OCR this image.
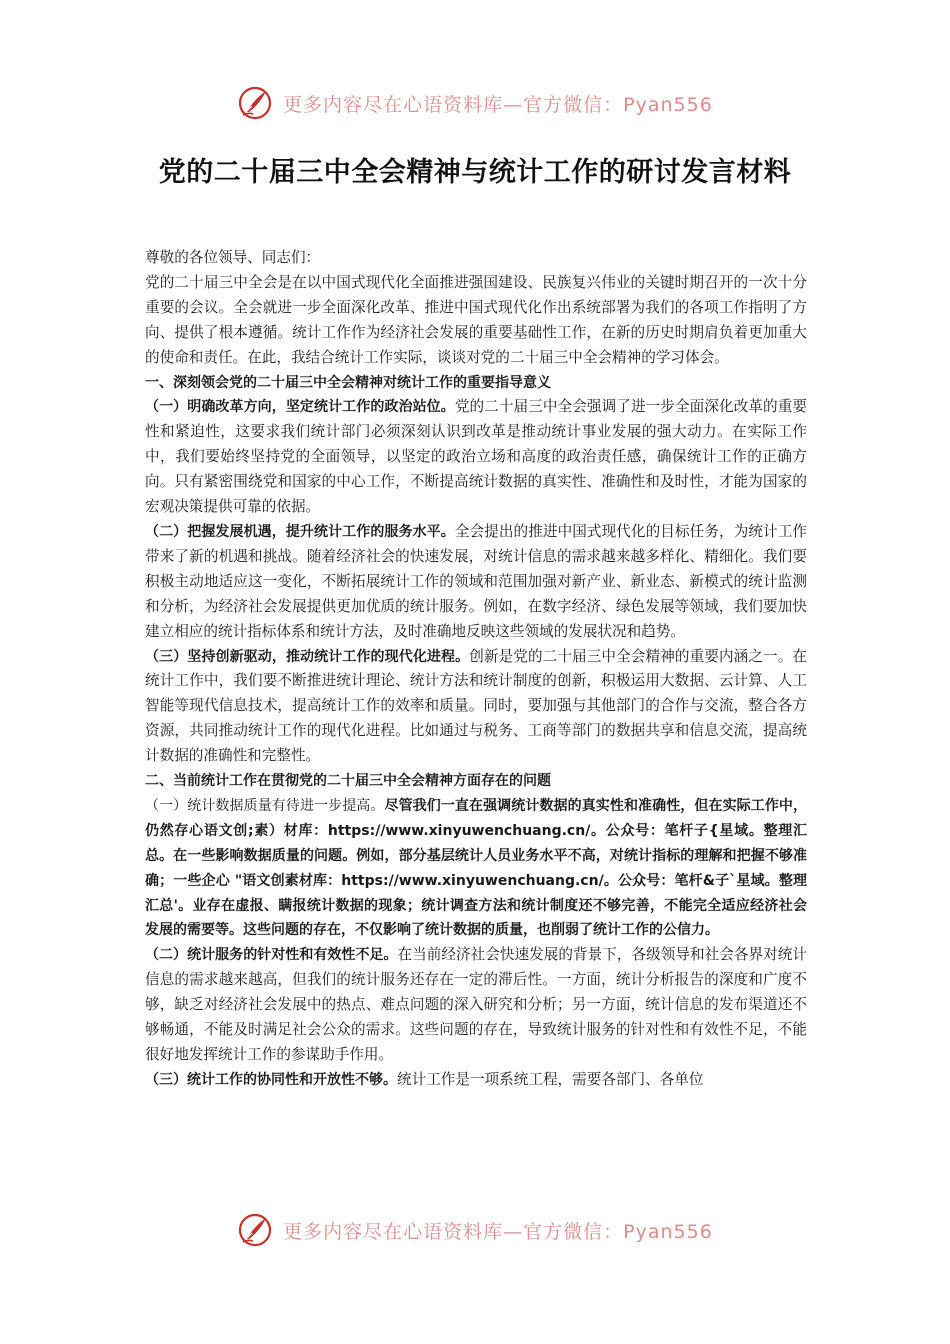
更多内容尽在心语资料库—官方微信：Pyan556
党的二十届三中全会精神与统计工作的研讨发言材料

尊敬的各位领导、同志们：

党的二十届三中全会是在以中国式现代化全面推进强国建设、民族复兴伟业的关键时期召开的一次十分重要的会议。全会就进一步全面深化改革、推进中国式现代化作出系统部署为我们的各项工作指明了方向、提供了根本遵循。统计工作作为经济社会发展的重要基础性工作，在新的历史时期肩负着更加重大的使命和责任。在此，我结合统计工作实际，谈谈对党的二十届三中全会精神的学习体会。

一、深刻领会党的二十届三中全会精神对统计工作的重要指导意义

（一）明确改革方向，坚定统计工作的政治站位。党的二十届三中全会强调了进一步全面深化改革的重要性和紧迫性，这要求我们统计部门必须深刻认识到改革是推动统计事业发展的强大动力。在实际工作中，我们要始终坚持党的全面领导，以坚定的政治立场和高度的政治责任感，确保统计工作的正确方向。只有紧密围绕党和国家的中心工作，不断提高统计数据的真实性、准确性和及时性，才能为国家的宏观决策提供可靠的依据。

（二）把握发展机遇，提升统计工作的服务水平。全会提出的推进中国式现代化的目标任务，为统计工作带来了新的机遇和挑战。随着经济社会的快速发展，对统计信息的需求越来越多样化、精细化。我们要积极主动地适应这一变化，不断拓展统计工作的领域和范围加强对新产业、新业态、新模式的统计监测和分析，为经济社会发展提供更加优质的统计服务。例如，在数字经济、绿色发展等领域，我们要加快建立相应的统计指标体系和统计方法，及时准确地反映这些领域的发展状况和趋势。

（三）坚持创新驱动，推动统计工作的现代化进程。创新是党的二十届三中全会精神的重要内涵之一。在统计工作中，我们要不断推进统计理论、统计方法和统计制度的创新，积极运用大数据、云计算、人工智能等现代信息技术，提高统计工作的效率和质量。同时，要加强与其他部门的合作与交流，整合各方资源，共同推动统计工作的现代化进程。比如通过与税务、工商等部门的数据共享和信息交流，提高统计数据的准确性和完整性。

二、当前统计工作在贯彻党的二十届三中全会精神方面存在的问题

（一）统计数据质量有待进一步提高。尽管我们一直在强调统计数据的真实性和准确性，但在实际工作中，仍然存心语文创;素）材库：https://www.xinyuwenchuang.cn/。公众号：笔杆子{星域。整理汇总。在一些影响数据质量的问题。例如，部分基层统计人员业务水平不高，对统计指标的理解和把握不够准确；一些企心 "语文创素材库：https://www.xinyuwenchuang.cn/。公众号：笔杆&子`星域。整理汇总'。业存在虚报、瞒报统计数据的现象；统计调查方法和统计制度还不够完善，不能完全适应经济社会发展的需要等。这些问题的存在，不仅影响了统计数据的质量，也削弱了统计工作的公信力。

（二）统计服务的针对性和有效性不足。在当前经济社会快速发展的背景下，各级领导和社会各界对统计信息的需求越来越高，但我们的统计服务还存在一定的滞后性。一方面，统计分析报告的深度和广度不够，缺乏对经济社会发展中的热点、难点问题的深入研究和分析；另一方面，统计信息的发布渠道还不够畅通，不能及时满足社会公众的需求。这些问题的存在，导致统计服务的针对性和有效性不足，不能很好地发挥统计工作的参谋助手作用。

（三）统计工作的协同性和开放性不够。统计工作是一项系统工程，需要各部门、各单位

更多内容尽在心语资料库—官方微信：Pyan556
